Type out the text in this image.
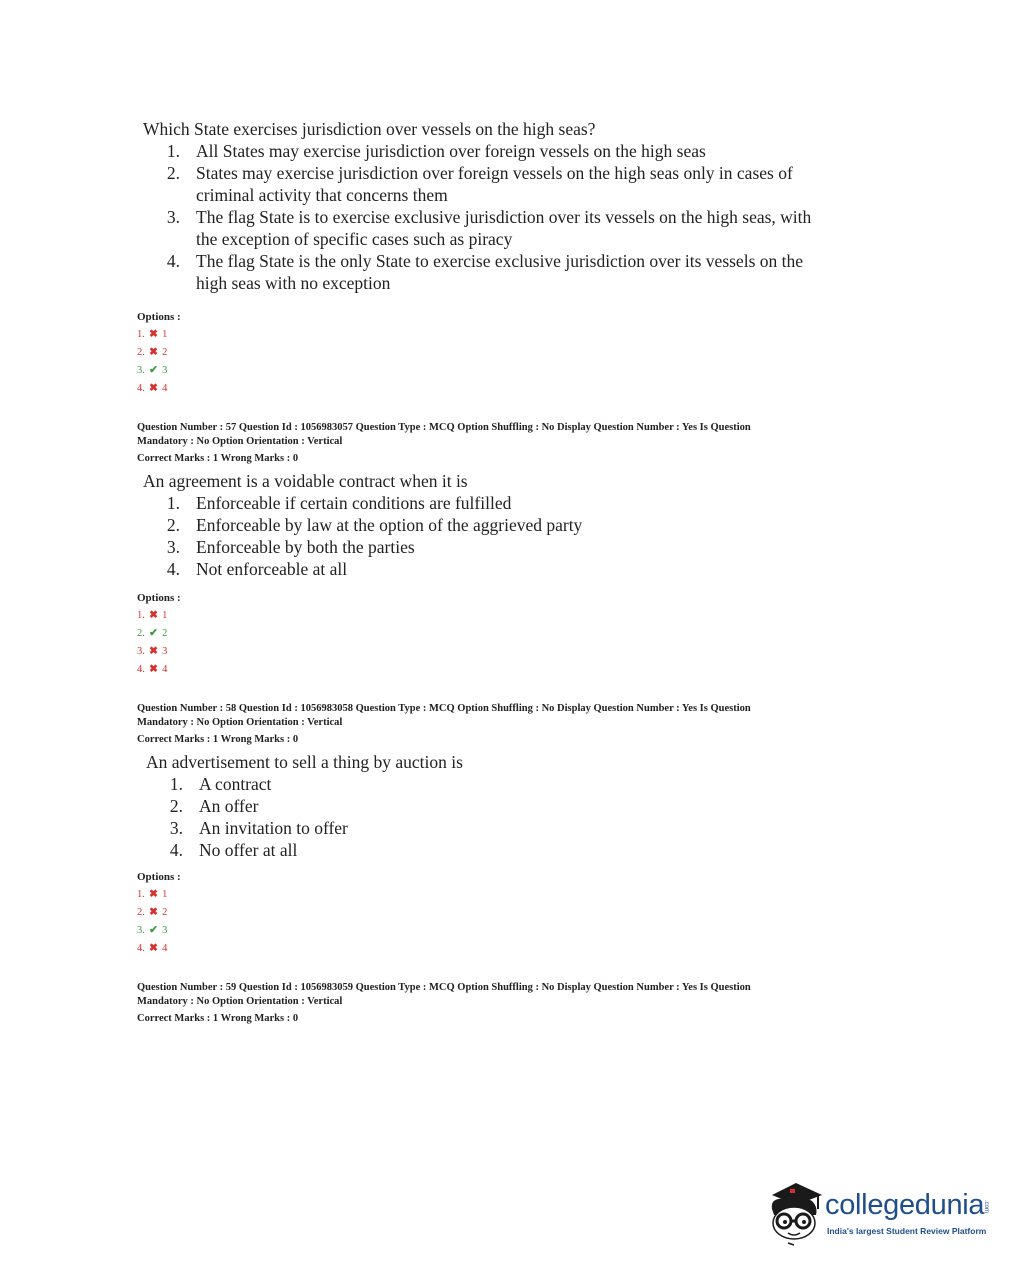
Which State exercises jurisdiction over vessels on the high seas?
1. All States may exercise jurisdiction over foreign vessels on the high seas
2. States may exercise jurisdiction over foreign vessels on the high seas only in cases of
criminal activity that concerns them
3. The flag State is to exercise exclusive jurisdiction over its vessels on the high seas, with
the exception of specific cases such as piracy
4. The flag State is the only State to exercise exclusive jurisdiction over its vessels on the
high seas with no exception
Options :
1. ✖ 1
2. ✖ 2
3. ✔ 3
4. ✖ 4
Question Number : 57 Question Id : 1056983057 Question Type : MCQ Option Shuffling : No Display Question Number : Yes Is Question
Mandatory : No Option Orientation : Vertical
Correct Marks : 1 Wrong Marks : 0
An agreement is a voidable contract when it is
1. Enforceable if certain conditions are fulfilled
2. Enforceable by law at the option of the aggrieved party
3. Enforceable by both the parties
4. Not enforceable at all
Options :
1. ✖ 1
2. ✔ 2
3. ✖ 3
4. ✖ 4
Question Number : 58 Question Id : 1056983058 Question Type : MCQ Option Shuffling : No Display Question Number : Yes Is Question
Mandatory : No Option Orientation : Vertical
Correct Marks : 1 Wrong Marks : 0
An advertisement to sell a thing by auction is
1. A contract
2. An offer
3. An invitation to offer
4. No offer at all
Options :
1. ✖ 1
2. ✖ 2
3. ✔ 3
4. ✖ 4
Question Number : 59 Question Id : 1056983059 Question Type : MCQ Option Shuffling : No Display Question Number : Yes Is Question
Mandatory : No Option Orientation : Vertical
Correct Marks : 1 Wrong Marks : 0
collegedunia
.com
India's largest Student Review Platform
